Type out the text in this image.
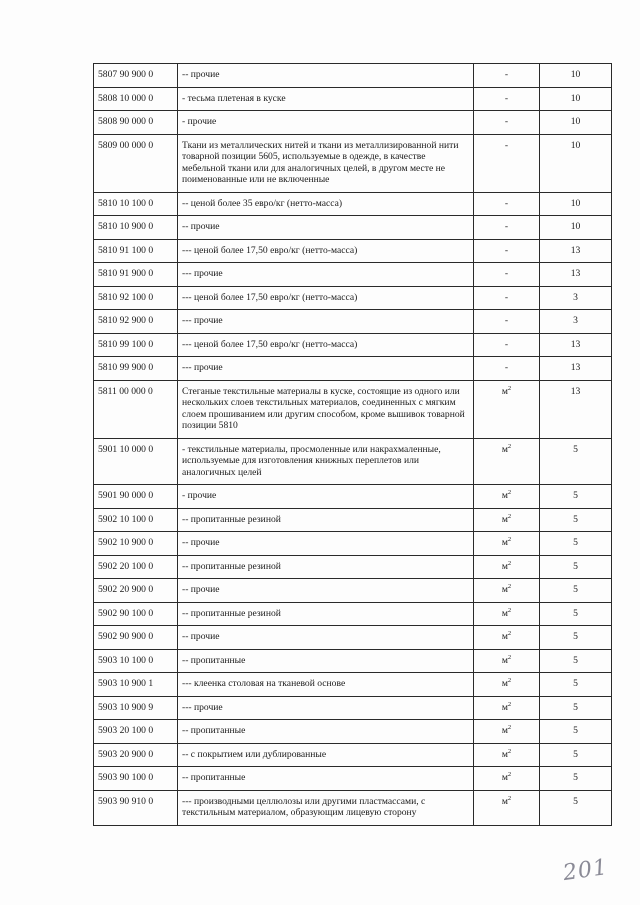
5807 90 900 0	-- прочие	-	10
5808 10 000 0	- тесьма плетеная в куске	-	10
5808 90 000 0	- прочие	-	10
5809 00 000 0	Ткани из металлических нитей и ткани из металлизированной нити товарной позиции 5605, используемые в одежде, в качестве мебельной ткани или для аналогичных целей, в другом месте не поименованные или не включенные	-	10
5810 10 100 0	-- ценой более 35 евро/кг (нетто-масса)	-	10
5810 10 900 0	-- прочие	-	10
5810 91 100 0	--- ценой более 17,50 евро/кг (нетто-масса)	-	13
5810 91 900 0	--- прочие	-	13
5810 92 100 0	--- ценой более 17,50 евро/кг (нетто-масса)	-	3
5810 92 900 0	--- прочие	-	3
5810 99 100 0	--- ценой более 17,50 евро/кг (нетто-масса)	-	13
5810 99 900 0	--- прочие	-	13
5811 00 000 0	Стеганые текстильные материалы в куске, состоящие из одного или нескольких слоев текстильных материалов, соединенных с мягким слоем прошиванием или другим способом, кроме вышивок товарной позиции 5810	$м^2$	13
5901 10 000 0	- текстильные материалы, просмоленные или накрахмаленные, используемые для изготовления книжных переплетов или аналогичных целей	$м^2$	5
5901 90 000 0	- прочие	$м^2$	5
5902 10 100 0	-- пропитанные резиной	$м^2$	5
5902 10 900 0	-- прочие	$м^2$	5
5902 20 100 0	-- пропитанные резиной	$м^2$	5
5902 20 900 0	-- прочие	$м^2$	5
5902 90 100 0	-- пропитанные резиной	$м^2$	5
5902 90 900 0	-- прочие	$м^2$	5
5903 10 100 0	-- пропитанные	$м^2$	5
5903 10 900 1	--- клеенка столовая на тканевой основе	$м^2$	5
5903 10 900 9	--- прочие	$м^2$	5
5903 20 100 0	-- пропитанные	$м^2$	5
5903 20 900 0	-- с покрытием или дублированные	$м^2$	5
5903 90 100 0	-- пропитанные	$м^2$	5
5903 90 910 0	--- производными целлюлозы или другими пластмассами, с текстильным материалом, образующим лицевую сторону	$м^2$	5
201
